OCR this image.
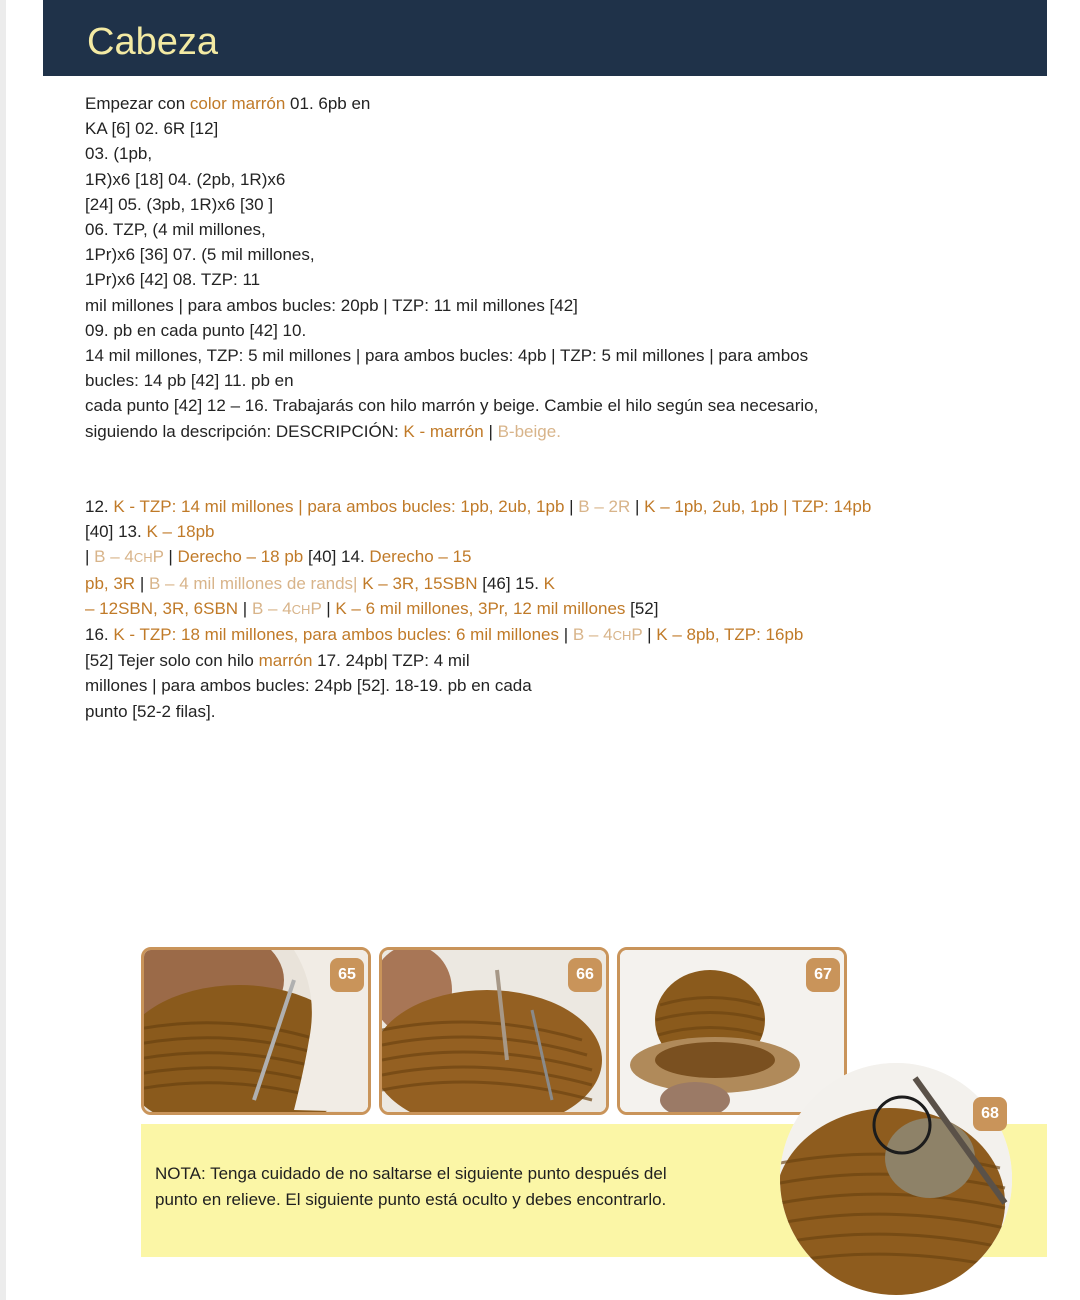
Cabeza
Empezar con color marrón 01. 6pb en
KA [6] 02. 6R [12]
03. (1pb,
1R)x6 [18] 04. (2pb, 1R)x6
[24] 05. (3pb, 1R)x6 [30 ]
06. TZP, (4 mil millones,
1Pr)x6 [36] 07. (5 mil millones,
1Pr)x6 [42] 08. TZP: 11
mil millones | para ambos bucles: 20pb | TZP: 11 mil millones [42]
09. pb en cada punto [42] 10.
14 mil millones, TZP: 5 mil millones | para ambos bucles: 4pb | TZP: 5 mil millones | para ambos
bucles: 14 pb [42] 11. pb en
cada punto [42] 12 – 16. Trabajarás con hilo marrón y beige. Cambie el hilo según sea necesario,
siguiendo la descripción: DESCRIPCIÓN: K - marrón | B-beige.
12. K - TZP: 14 mil millones | para ambos bucles: 1pb, 2ub, 1pb | B – 2R | K – 1pb, 2ub, 1pb | TZP: 14pb
[40] 13. K – 18pb
| B – 4CHP | Derecho – 18 pb [40] 14. Derecho – 15
pb, 3R | B – 4 mil millones de rands| K – 3R, 15SBN [46] 15. K
– 12SBN, 3R, 6SBN | B – 4CHP | K – 6 mil millones, 3Pr, 12 mil millones [52]
16. K - TZP: 18 mil millones, para ambos bucles: 6 mil millones | B – 4CHP | K – 8pb, TZP: 16pb
[52] Tejer solo con hilo marrón 17. 24pb| TZP: 4 mil
millones | para ambos bucles: 24pb [52]. 18-19. pb en cada
punto [52-2 filas].
65	66	67
NOTA: Tenga cuidado de no saltarse el siguiente punto después del
punto en relieve. El siguiente punto está oculto y debes encontrarlo.
68
